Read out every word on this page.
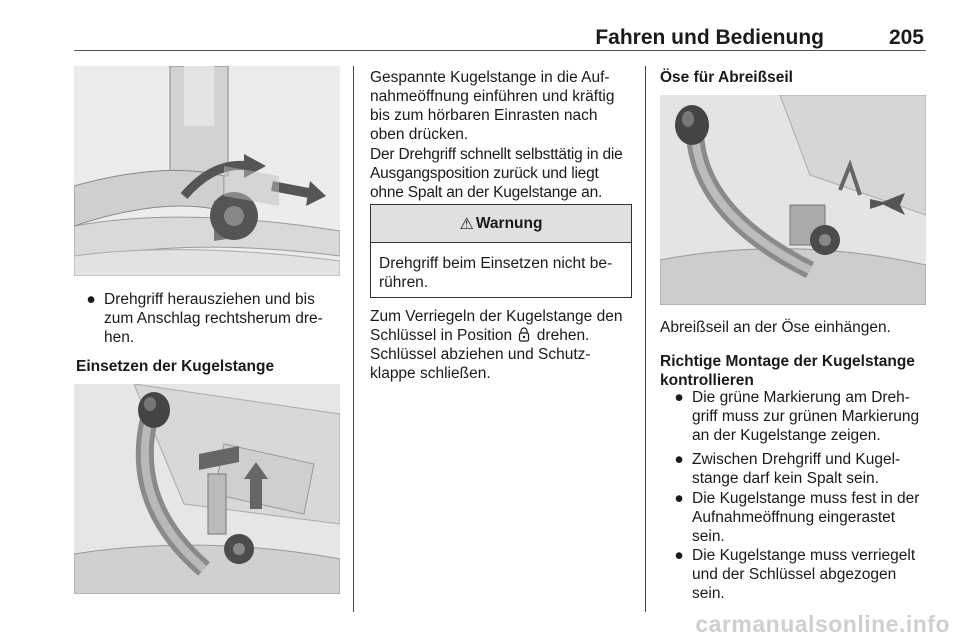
Fahren und Bedienung	205
● Drehgriff herausziehen und bis
zum Anschlag rechtsherum dre-
hen.
Einsetzen der Kugelstange
Gespannte Kugelstange in die Auf-
nahmeöffnung einführen und kräftig
bis zum hörbaren Einrasten nach
oben drücken.
Der Drehgriff schnellt selbsttätig in die
Ausgangsposition zurück und liegt
ohne Spalt an der Kugelstange an.
⚠ Warnung
Drehgriff beim Einsetzen nicht be-
rühren.
Zum Verriegeln der Kugelstange den
Schlüssel in Position drehen.
Schlüssel abziehen und Schutz-
klappe schließen.
Öse für Abreißseil
Abreißseil an der Öse einhängen.
Richtige Montage der Kugelstange
kontrollieren
● Die grüne Markierung am Dreh-
griff muss zur grünen Markierung
an der Kugelstange zeigen.
● Zwischen Drehgriff und Kugel-
stange darf kein Spalt sein.
● Die Kugelstange muss fest in der
Aufnahmeöffnung eingerastet
sein.
● Die Kugelstange muss verriegelt
und der Schlüssel abgezogen
sein.
carmanualsonline.info
